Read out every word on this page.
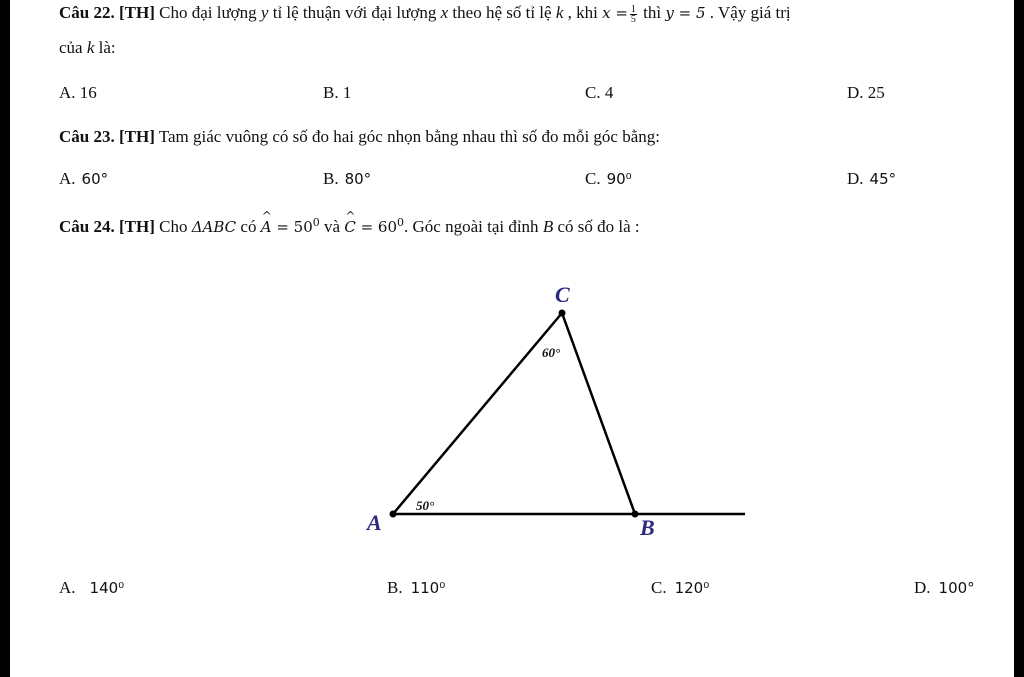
Câu 22. [TH] Cho đại lượng y tỉ lệ thuận với đại lượng x theo hệ số tỉ lệ k , khi $x = \frac{1}{5}$ thì y = 5 . Vậy giá trị
của k là:
A. 16	B. 1	C. 4	D. 25
Câu 23. [TH] Tam giác vuông có số đo hai góc nhọn bằng nhau thì số đo mỗi góc bằng:
A. 60°	B. 80°	C. 90⁰	D. 45°
Câu 24. [TH] Cho ΔABC có ^ $A = 50^0$ và ^ $C = 60^0$. Góc ngoài tại đỉnh B có số đo là :
C
A	B
60°
50°
A. 140⁰	B. 110⁰	C. 120⁰	D. 100°
